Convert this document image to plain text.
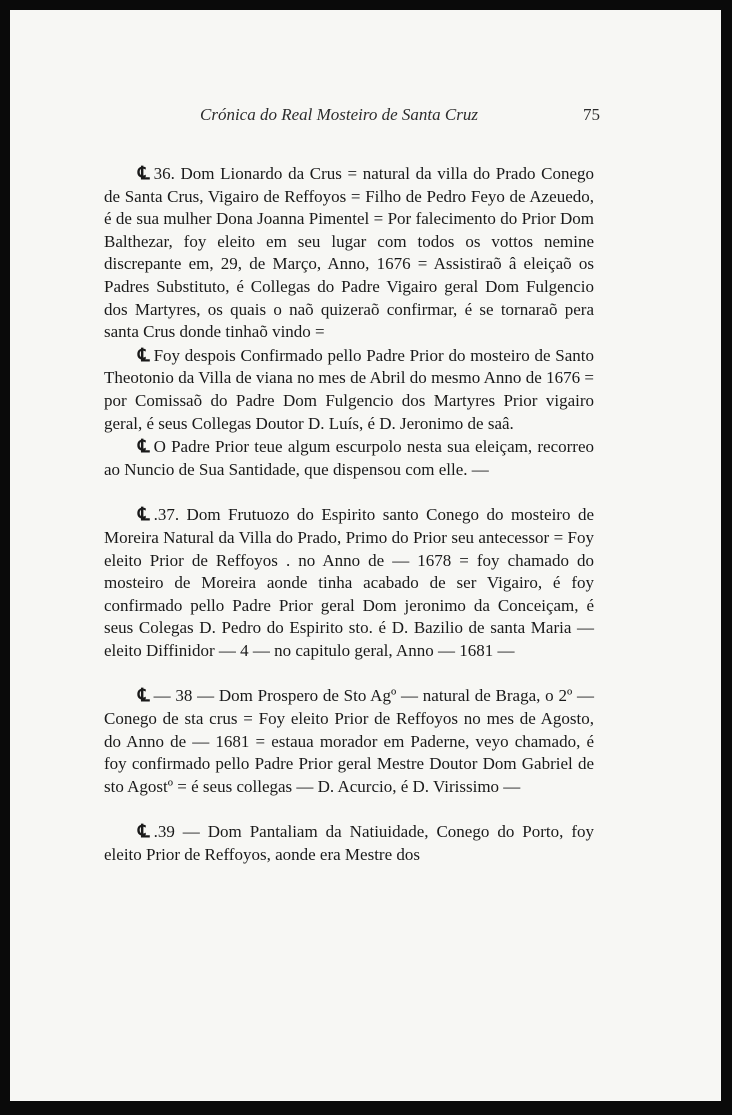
Crónica do Real Mosteiro de Santa Cruz	75

℄ 36. Dom Lionardo da Crus = natural da villa do Prado Conego de Santa Crus, Vigairo de Reffoyos = Filho de Pedro Feyo de Azeuedo, é de sua mulher Dona Joanna Pimentel = Por falecimento do Prior Dom Balthezar, foy eleito em seu lugar com todos os vottos nemine discrepante em, 29, de Março, Anno, 1676 = Assistiraõ â eleiçaõ os Padres Substituto, é Collegas do Padre Vigairo geral Dom Fulgencio dos Martyres, os quais o naõ quizeraõ confirmar, é se tornaraõ pera santa Crus donde tinhaõ vindo =

℄ Foy despois Confirmado pello Padre Prior do mosteiro de Santo Theotonio da Villa de viana no mes de Abril do mesmo Anno de 1676 = por Comissaõ do Padre Dom Fulgencio dos Martyres Prior vigairo geral, é seus Collegas Doutor D. Luís, é D. Jeronimo de saâ.

℄ O Padre Prior teue algum escurpolo nesta sua eleiçam, recorreo ao Nuncio de Sua Santidade, que dispensou com elle. —

℄ .37. Dom Frutuozo do Espirito santo Conego do mosteiro de Moreira Natural da Villa do Prado, Primo do Prior seu antecessor = Foy eleito Prior de Reffoyos . no Anno de — 1678 = foy chamado do mosteiro de Moreira aonde tinha acabado de ser Vigairo, é foy confirmado pello Padre Prior geral Dom jeronimo da Conceiçam, é seus Colegas D. Pedro do Espirito sto. é D. Bazilio de santa Maria — eleito Diffinidor — 4 — no capitulo geral, Anno — 1681 —

℄ — 38 — Dom Prospero de Sto Agº — natural de Braga, o 2º — Conego de sta crus = Foy eleito Prior de Reffoyos no mes de Agosto, do Anno de — 1681 = estaua morador em Paderne, veyo chamado, é foy confirmado pello Padre Prior geral Mestre Doutor Dom Gabriel de sto Agostº = é seus collegas — D. Acurcio, é D. Virissimo —

℄ .39 — Dom Pantaliam da Natiuidade, Conego do Porto, foy eleito Prior de Reffoyos, aonde era Mestre dos
